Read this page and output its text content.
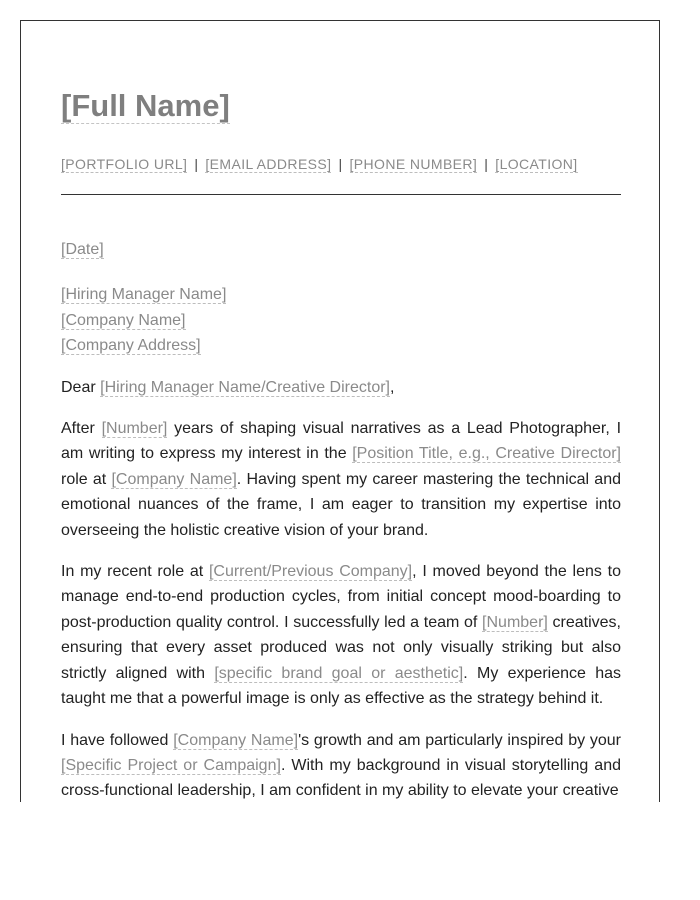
[Full Name]
[PORTFOLIO URL] | [EMAIL ADDRESS] | [PHONE NUMBER] | [LOCATION]

[Date]

[Hiring Manager Name]
[Company Name]
[Company Address]

Dear [Hiring Manager Name/Creative Director],

After [Number] years of shaping visual narratives as a Lead Photographer, I am writing to express my interest in the [Position Title, e.g., Creative Director] role at [Company Name]. Having spent my career mastering the technical and emotional nuances of the frame, I am eager to transition my expertise into overseeing the holistic creative vision of your brand.

In my recent role at [Current/Previous Company], I moved beyond the lens to manage end-to-end production cycles, from initial concept mood-boarding to post-production quality control. I successfully led a team of [Number] creatives, ensuring that every asset produced was not only visually striking but also strictly aligned with [specific brand goal or aesthetic]. My experience has taught me that a powerful image is only as effective as the strategy behind it.

I have followed [Company Name]'s growth and am particularly inspired by your [Specific Project or Campaign]. With my background in visual storytelling and cross-functional leadership, I am confident in my ability to elevate your creative
